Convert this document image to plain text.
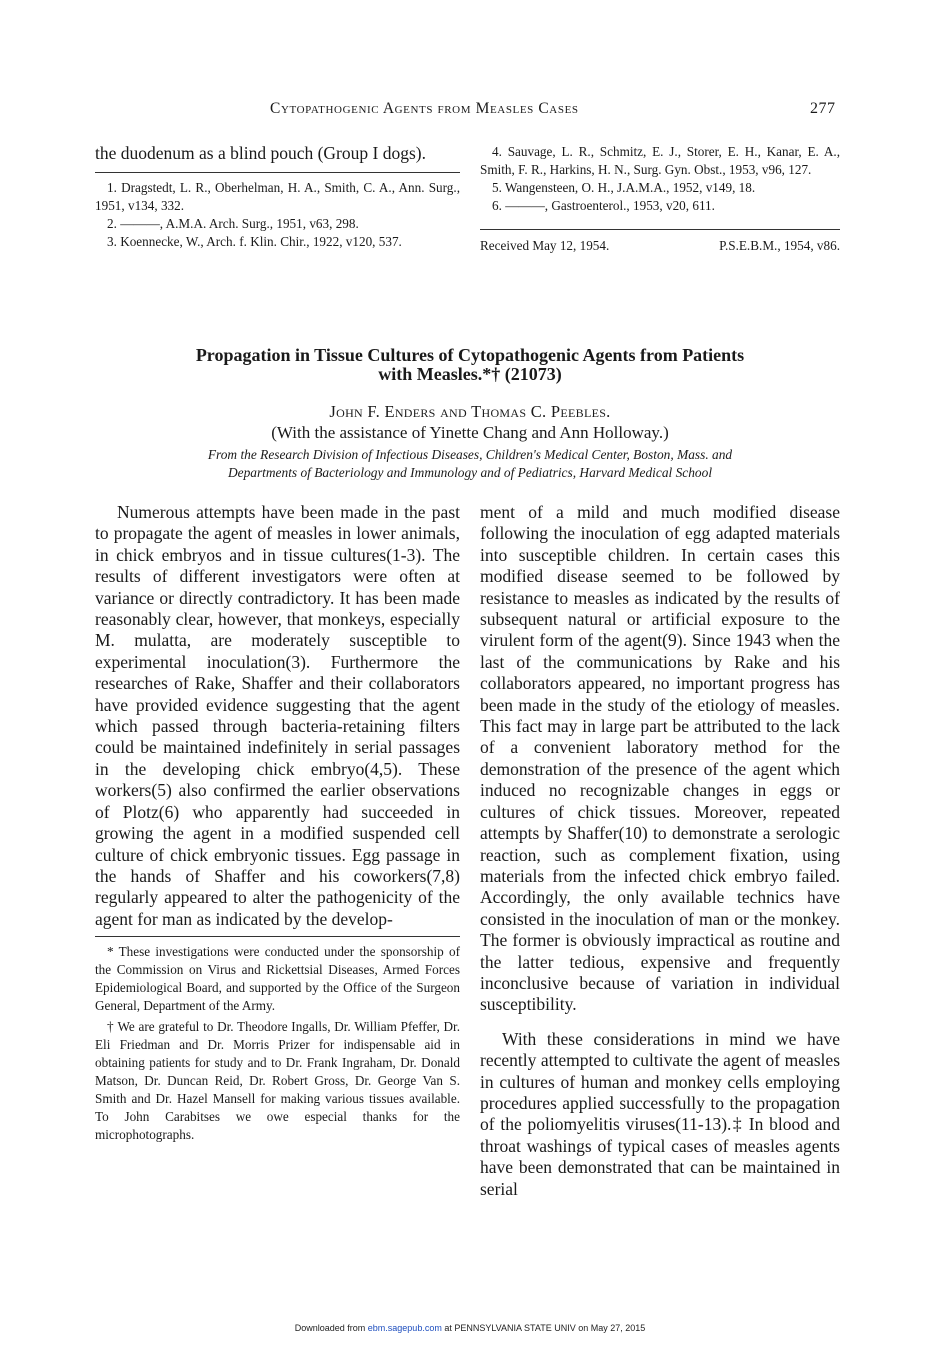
Cytopathogenic Agents from Measles Cases	277

the duodenum as a blind pouch (Group I dogs).

1. Dragstedt, L. R., Oberhelman, H. A., Smith, C. A., Ann. Surg., 1951, v134, 332.

2. ———, A.M.A. Arch. Surg., 1951, v63, 298.

3. Koennecke, W., Arch. f. Klin. Chir., 1922, v120, 537.

4. Sauvage, L. R., Schmitz, E. J., Storer, E. H., Kanar, E. A., Smith, F. R., Harkins, H. N., Surg. Gyn. Obst., 1953, v96, 127.

5. Wangensteen, O. H., J.A.M.A., 1952, v149, 18.

6. ———, Gastroenterol., 1953, v20, 611.

Received May 12, 1954.	P.S.E.B.M., 1954, v86.
Propagation in Tissue Cultures of Cytopathogenic Agents from Patients
with Measles.*† (21073)
John F. Enders and Thomas C. Peebles.
(With the assistance of Yinette Chang and Ann Holloway.)
From the Research Division of Infectious Diseases, Children's Medical Center, Boston, Mass. and
Departments of Bacteriology and Immunology and of Pediatrics, Harvard Medical School

Numerous attempts have been made in the past to propagate the agent of measles in lower animals, in chick embryos and in tissue cultures(1-3). The results of different investigators were often at variance or directly contradictory. It has been made reasonably clear, however, that monkeys, especially M. mulatta, are moderately susceptible to experimental inoculation(3). Furthermore the researches of Rake, Shaffer and their collaborators have provided evidence suggesting that the agent which passed through bacteria-retaining filters could be maintained indefinitely in serial passages in the developing chick embryo(4,5). These workers(5) also confirmed the earlier observations of Plotz(6) who apparently had succeeded in growing the agent in a modified suspended cell culture of chick embryonic tissues. Egg passage in the hands of Shaffer and his coworkers(7,8) regularly appeared to alter the pathogenicity of the agent for man as indicated by the develop-

* These investigations were conducted under the sponsorship of the Commission on Virus and Rickettsial Diseases, Armed Forces Epidemiological Board, and supported by the Office of the Surgeon General, Department of the Army.

† We are grateful to Dr. Theodore Ingalls, Dr. William Pfeffer, Dr. Eli Friedman and Dr. Morris Prizer for indispensable aid in obtaining patients for study and to Dr. Frank Ingraham, Dr. Donald Matson, Dr. Duncan Reid, Dr. Robert Gross, Dr. George Van S. Smith and Dr. Hazel Mansell for making various tissues available. To John Carabitses we owe especial thanks for the microphotographs.

ment of a mild and much modified disease following the inoculation of egg adapted materials into susceptible children. In certain cases this modified disease seemed to be followed by resistance to measles as indicated by the results of subsequent natural or artificial exposure to the virulent form of the agent(9). Since 1943 when the last of the communications by Rake and his collaborators appeared, no important progress has been made in the study of the etiology of measles. This fact may in large part be attributed to the lack of a convenient laboratory method for the demonstration of the presence of the agent which induced no recognizable changes in eggs or cultures of chick tissues. Moreover, repeated attempts by Shaffer(10) to demonstrate a serologic reaction, such as complement fixation, using materials from the infected chick embryo failed. Accordingly, the only available technics have consisted in the inoculation of man or the monkey. The former is obviously impractical as routine and the latter tedious, expensive and frequently inconclusive because of variation in individual susceptibility.

With these considerations in mind we have recently attempted to cultivate the agent of measles in cultures of human and monkey cells employing procedures applied successfully to the propagation of the poliomyelitis viruses(11-13).‡ In blood and throat washings of typical cases of measles agents have been demonstrated that can be maintained in serial

Downloaded from ebm.sagepub.com at PENNSYLVANIA STATE UNIV on May 27, 2015
